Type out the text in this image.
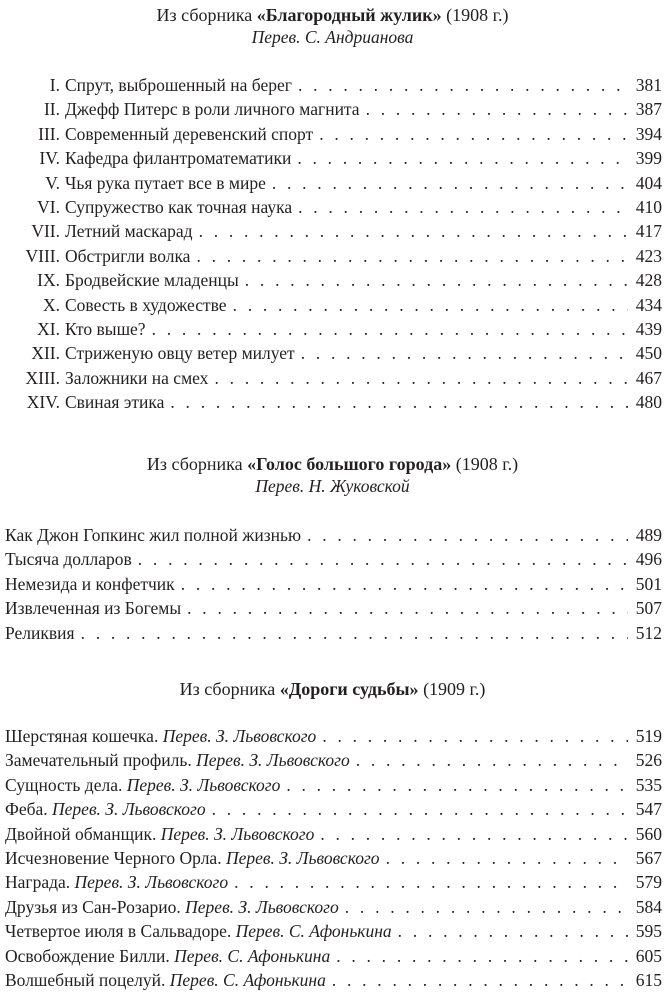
Из сборника «Благородный жулик» (1908 г.)
Перев. С. Андрианова
I. Спрут, выброшенный на берег . . .	381
II. Джефф Питерс в роли личного магнита . . .	387
III. Современный деревенский спорт . . .	394
IV. Кафедра филантроматематики . . .	399
V. Чья рука путает все в мире . . .	404
VI. Супружество как точная наука . . .	410
VII. Летний маскарад . . .	417
VIII. Обстригли волка . . .	423
IX. Бродвейские младенцы . . .	428
X. Совесть в художестве . . .	434
XI. Кто выше? . . .	439
XII. Стриженую овцу ветер милует . . .	450
XIII. Заложники на смех . . .	467
XIV. Свиная этика . . .	480
Из сборника «Голос большого города» (1908 г.)
Перев. Н. Жуковской
Как Джон Гопкинс жил полной жизнью . . .	489
Тысяча долларов . . .	496
Немезида и конфетчик . . .	501
Извлеченная из Богемы . . .	507
Реликвия . . .	512
Из сборника «Дороги судьбы» (1909 г.)
Шерстяная кошечка. Перев. З. Львовского . . .	519
Замечательный профиль. Перев. З. Львовского . . .	526
Сущность дела. Перев. З. Львовского . . .	535
Феба. Перев. З. Львовского . . .	547
Двойной обманщик. Перев. З. Львовского . . .	560
Исчезновение Черного Орла. Перев. З. Львовского . . .	567
Награда. Перев. З. Львовского . . .	579
Друзья из Сан-Розарио. Перев. З. Львовского . . .	584
Четвертое июля в Сальвадоре. Перев. С. Афонькина . . .	595
Освобождение Билли. Перев. С. Афонькина . . .	605
Волшебный поцелуй. Перев. С. Афонькина . . .	615
